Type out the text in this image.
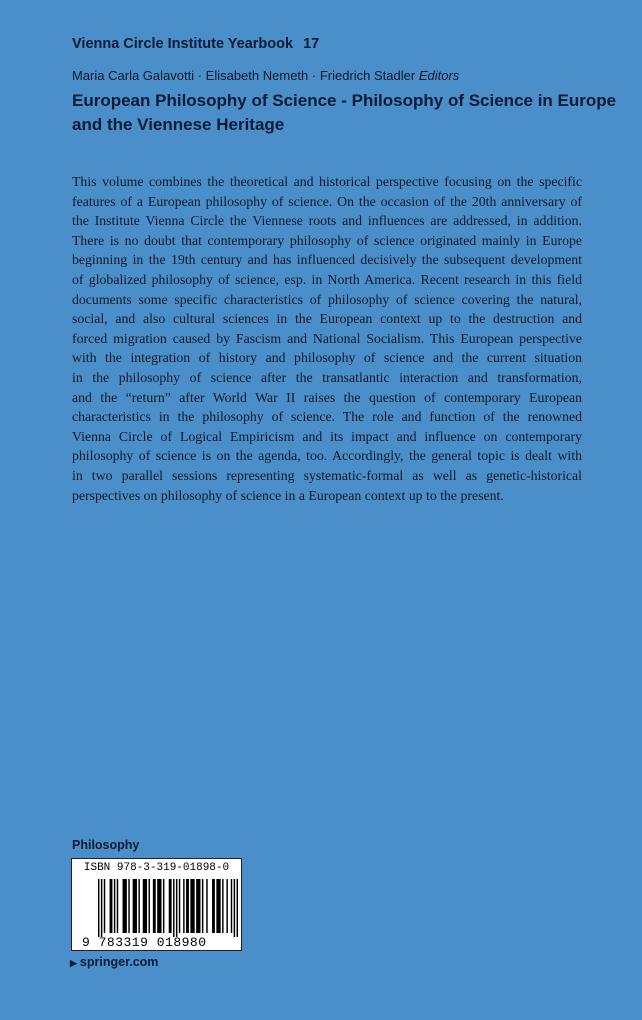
Vienna Circle Institute Yearbook 17
Maria Carla Galavotti · Elisabeth Nemeth · Friedrich Stadler Editors
European Philosophy of Science - Philosophy of Science in Europe
and the Viennese Heritage
This volume combines the theoretical and historical perspective focusing on the specific
features of a European philosophy of science. On the occasion of the 20th anniversary of
the Institute Vienna Circle the Viennese roots and influences are addressed, in addition.
There is no doubt that contemporary philosophy of science originated mainly in Europe
beginning in the 19th century and has influenced decisively the subsequent development
of globalized philosophy of science, esp. in North America. Recent research in this field
documents some specific characteristics of philosophy of science covering the natural,
social, and also cultural sciences in the European context up to the destruction and
forced migration caused by Fascism and National Socialism. This European perspective
with the integration of history and philosophy of science and the current situation
in the philosophy of science after the transatlantic interaction and transformation,
and the “return” after World War II raises the question of contemporary European
characteristics in the philosophy of science. The role and function of the renowned
Vienna Circle of Logical Empiricism and its impact and influence on contemporary
philosophy of science is on the agenda, too. Accordingly, the general topic is dealt with
in two parallel sessions representing systematic-formal as well as genetic-historical
perspectives on philosophy of science in a European context up to the present.
Philosophy
ISBN 978-3-319-01898-0
9 783319 018980
▶ springer.com
